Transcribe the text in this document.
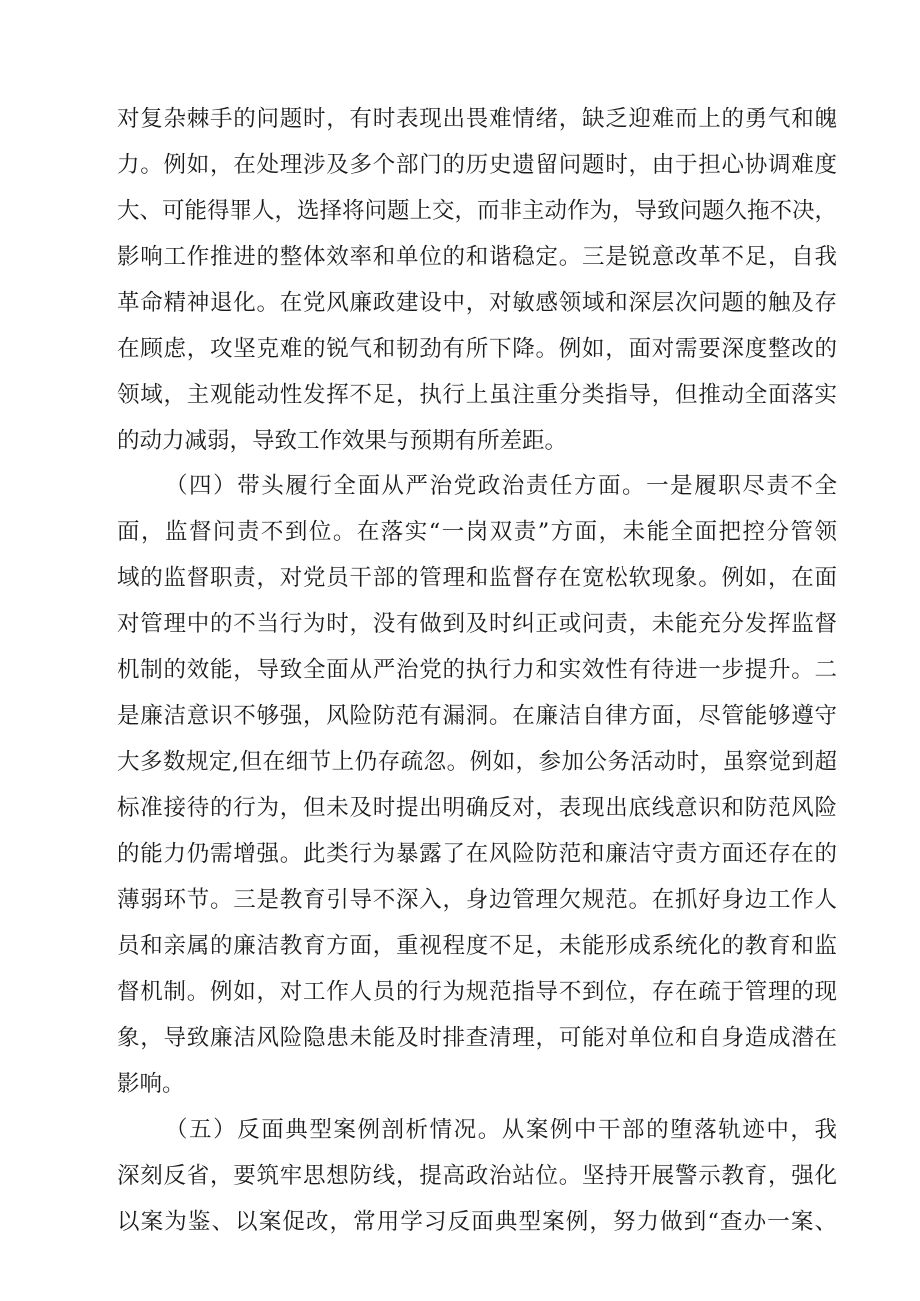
对复杂棘手的问题时，有时表现出畏难情绪，缺乏迎难而上的勇气和魄
力。例如，在处理涉及多个部门的历史遗留问题时，由于担心协调难度
大、可能得罪人，选择将问题上交，而非主动作为，导致问题久拖不决，
影响工作推进的整体效率和单位的和谐稳定。三是锐意改革不足，自我
革命精神退化。在党风廉政建设中，对敏感领域和深层次问题的触及存
在顾虑，攻坚克难的锐气和韧劲有所下降。例如，面对需要深度整改的
领域，主观能动性发挥不足，执行上虽注重分类指导，但推动全面落实
的动力减弱，导致工作效果与预期有所差距。
（四）带头履行全面从严治党政治责任方面。一是履职尽责不全
面，监督问责不到位。在落实“一岗双责”方面，未能全面把控分管领
域的监督职责，对党员干部的管理和监督存在宽松软现象。例如，在面
对管理中的不当行为时，没有做到及时纠正或问责，未能充分发挥监督
机制的效能，导致全面从严治党的执行力和实效性有待进一步提升。二
是廉洁意识不够强，风险防范有漏洞。在廉洁自律方面，尽管能够遵守
大多数规定,但在细节上仍存疏忽。例如，参加公务活动时，虽察觉到超
标准接待的行为，但未及时提出明确反对，表现出底线意识和防范风险
的能力仍需增强。此类行为暴露了在风险防范和廉洁守责方面还存在的
薄弱环节。三是教育引导不深入，身边管理欠规范。在抓好身边工作人
员和亲属的廉洁教育方面，重视程度不足，未能形成系统化的教育和监
督机制。例如，对工作人员的行为规范指导不到位，存在疏于管理的现
象，导致廉洁风险隐患未能及时排查清理，可能对单位和自身造成潜在
影响。
（五）反面典型案例剖析情况。从案例中干部的堕落轨迹中，我
深刻反省，要筑牢思想防线，提高政治站位。坚持开展警示教育，强化
以案为鉴、以案促改，常用学习反面典型案例，努力做到“查办一案、
